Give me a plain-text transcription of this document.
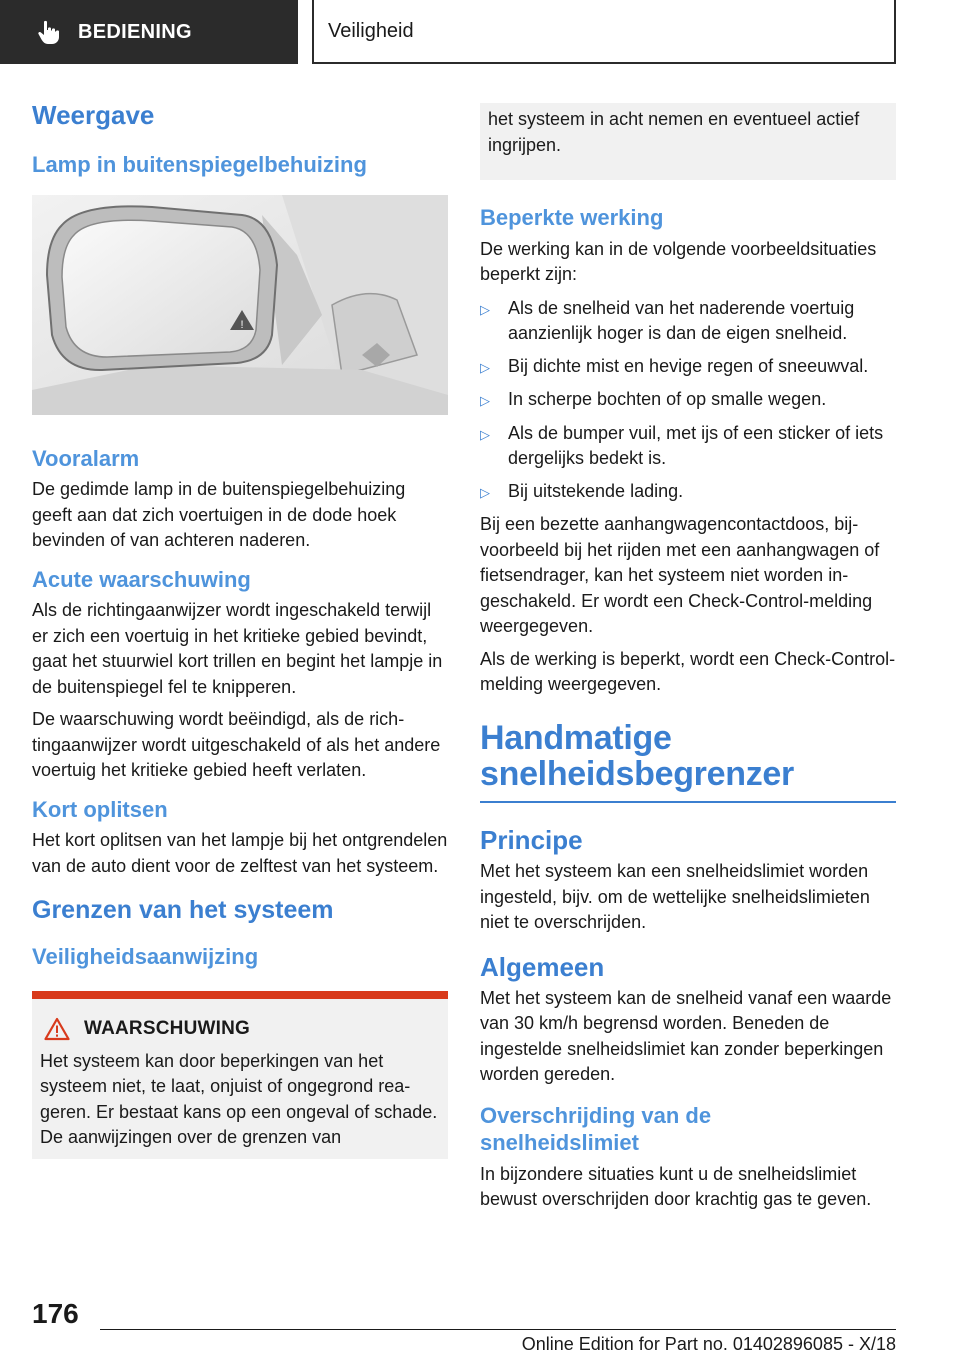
BEDIENING	Veiligheid
Weergave
Lamp in buitenspiegelbehuizing
!
Vooralarm
De gedimde lamp in de buitenspiegelbehuizing geeft aan dat zich voertuigen in de dode hoek bevinden of van achteren naderen.
Acute waarschuwing
Als de richtingaanwijzer wordt ingeschakeld terwijl er zich een voertuig in het kritieke gebied bevindt, gaat het stuurwiel kort trillen en begint het lampje in de buitenspiegel fel te knipperen.
De waarschuwing wordt beëindigd, als de richtingaanwijzer wordt uitgeschakeld of als het andere voertuig het kritieke gebied heeft verlaten.
Kort oplitsen
Het kort oplitsen van het lampje bij het ontgrendelen van de auto dient voor de zelftest van het systeem.
Grenzen van het systeem
Veiligheidsaanwijzing
WAARSCHUWING
Het systeem kan door beperkingen van het systeem niet, te laat, onjuist of ongegrond reageren. Er bestaat kans op een ongeval of schade. De aanwijzingen over de grenzen van
het systeem in acht nemen en eventueel actief ingrijpen.
Beperkte werking
De werking kan in de volgende voorbeeldsituaties beperkt zijn:
▷	Als de snelheid van het naderende voertuig aanzienlijk hoger is dan de eigen snelheid.
▷	Bij dichte mist en hevige regen of sneeuwval.
▷	In scherpe bochten of op smalle wegen.
▷	Als de bumper vuil, met ijs of een sticker of iets dergelijks bedekt is.
▷	Bij uitstekende lading.
Bij een bezette aanhangwagencontactdoos, bijvoorbeeld bij het rijden met een aanhangwagen of fietsendrager, kan het systeem niet worden ingeschakeld. Er wordt een Check-Control-melding weergegeven.
Als de werking is beperkt, wordt een Check-Control-melding weergegeven.
Handmatige
snelheidsbegrenzer
Principe
Met het systeem kan een snelheidslimiet worden ingesteld, bijv. om de wettelijke snelheidslimieten niet te overschrijden.
Algemeen
Met het systeem kan de snelheid vanaf een waarde van 30 km/h begrensd worden. Beneden de ingestelde snelheidslimiet kan zonder beperkingen worden gereden.
Overschrijding van de
snelheidslimiet
In bijzondere situaties kunt u de snelheidslimiet bewust overschrijden door krachtig gas te geven.
176
Online Edition for Part no. 01402896085 - X/18
